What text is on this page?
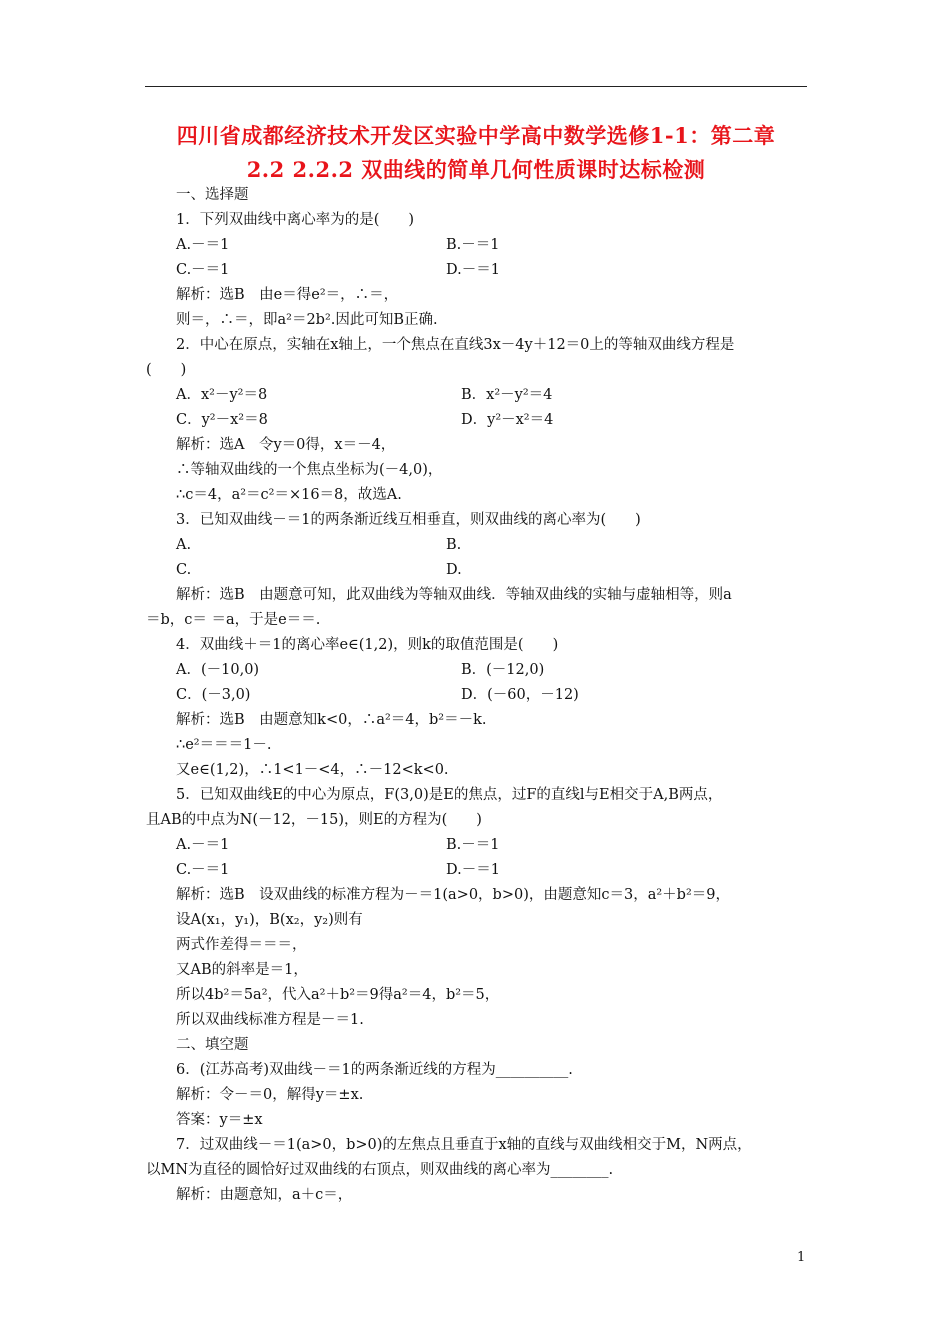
四川省成都经济技术开发区实验中学高中数学选修1-1：第二章
2.2 2.2.2 双曲线的简单几何性质课时达标检测
一、选择题
1．下列双曲线中离心率为的是(　　)
A.－＝1	B.－＝1
C.－＝1	D.－＝1
解析：选B　由e＝得e²＝，∴＝，
则＝，∴＝，即a²＝2b².因此可知B正确.
2．中心在原点，实轴在x轴上，一个焦点在直线3x－4y＋12＝0上的等轴双曲线方程是
(　　)
A．x²－y²＝8	B．x²－y²＝4
C．y²－x²＝8	D．y²－x²＝4
解析：选A　令y＝0得，x＝－4，
∴等轴双曲线的一个焦点坐标为(－4,0)，
∴c＝4，a²＝c²＝×16＝8，故选A.
3．已知双曲线－＝1的两条渐近线互相垂直，则双曲线的离心率为(　　)
A.	B.
C.	D.
解析：选B　由题意可知，此双曲线为等轴双曲线．等轴双曲线的实轴与虚轴相等，则a
＝b，c＝ ＝a，于是e＝＝.
4．双曲线＋＝1的离心率e∈(1,2)，则k的取值范围是(　　)
A．(－10,0)	B．(－12,0)
C．(－3,0)	D．(－60，－12)
解析：选B　由题意知k<0，∴a²＝4，b²＝－k.
∴e²＝＝＝1－.
又e∈(1,2)，∴1<1－<4，∴－12<k<0.
5．已知双曲线E的中心为原点，F(3,0)是E的焦点，过F的直线l与E相交于A,B两点，
且AB的中点为N(－12，－15)，则E的方程为(　　)
A.－＝1	B.－＝1
C.－＝1	D.－＝1
解析：选B　设双曲线的标准方程为－＝1(a>0，b>0)，由题意知c＝3，a²＋b²＝9，
设A(x₁，y₁)，B(x₂，y₂)则有
两式作差得＝＝＝，
又AB的斜率是＝1，
所以4b²＝5a²，代入a²＋b²＝9得a²＝4，b²＝5，
所以双曲线标准方程是－＝1.
二、填空题
6．(江苏高考)双曲线－＝1的两条渐近线的方程为__________.
解析：令－＝0，解得y＝±x.
答案：y＝±x
7．过双曲线－＝1(a>0，b>0)的左焦点且垂直于x轴的直线与双曲线相交于M，N两点，
以MN为直径的圆恰好过双曲线的右顶点，则双曲线的离心率为________.
解析：由题意知，a＋c＝，
1
